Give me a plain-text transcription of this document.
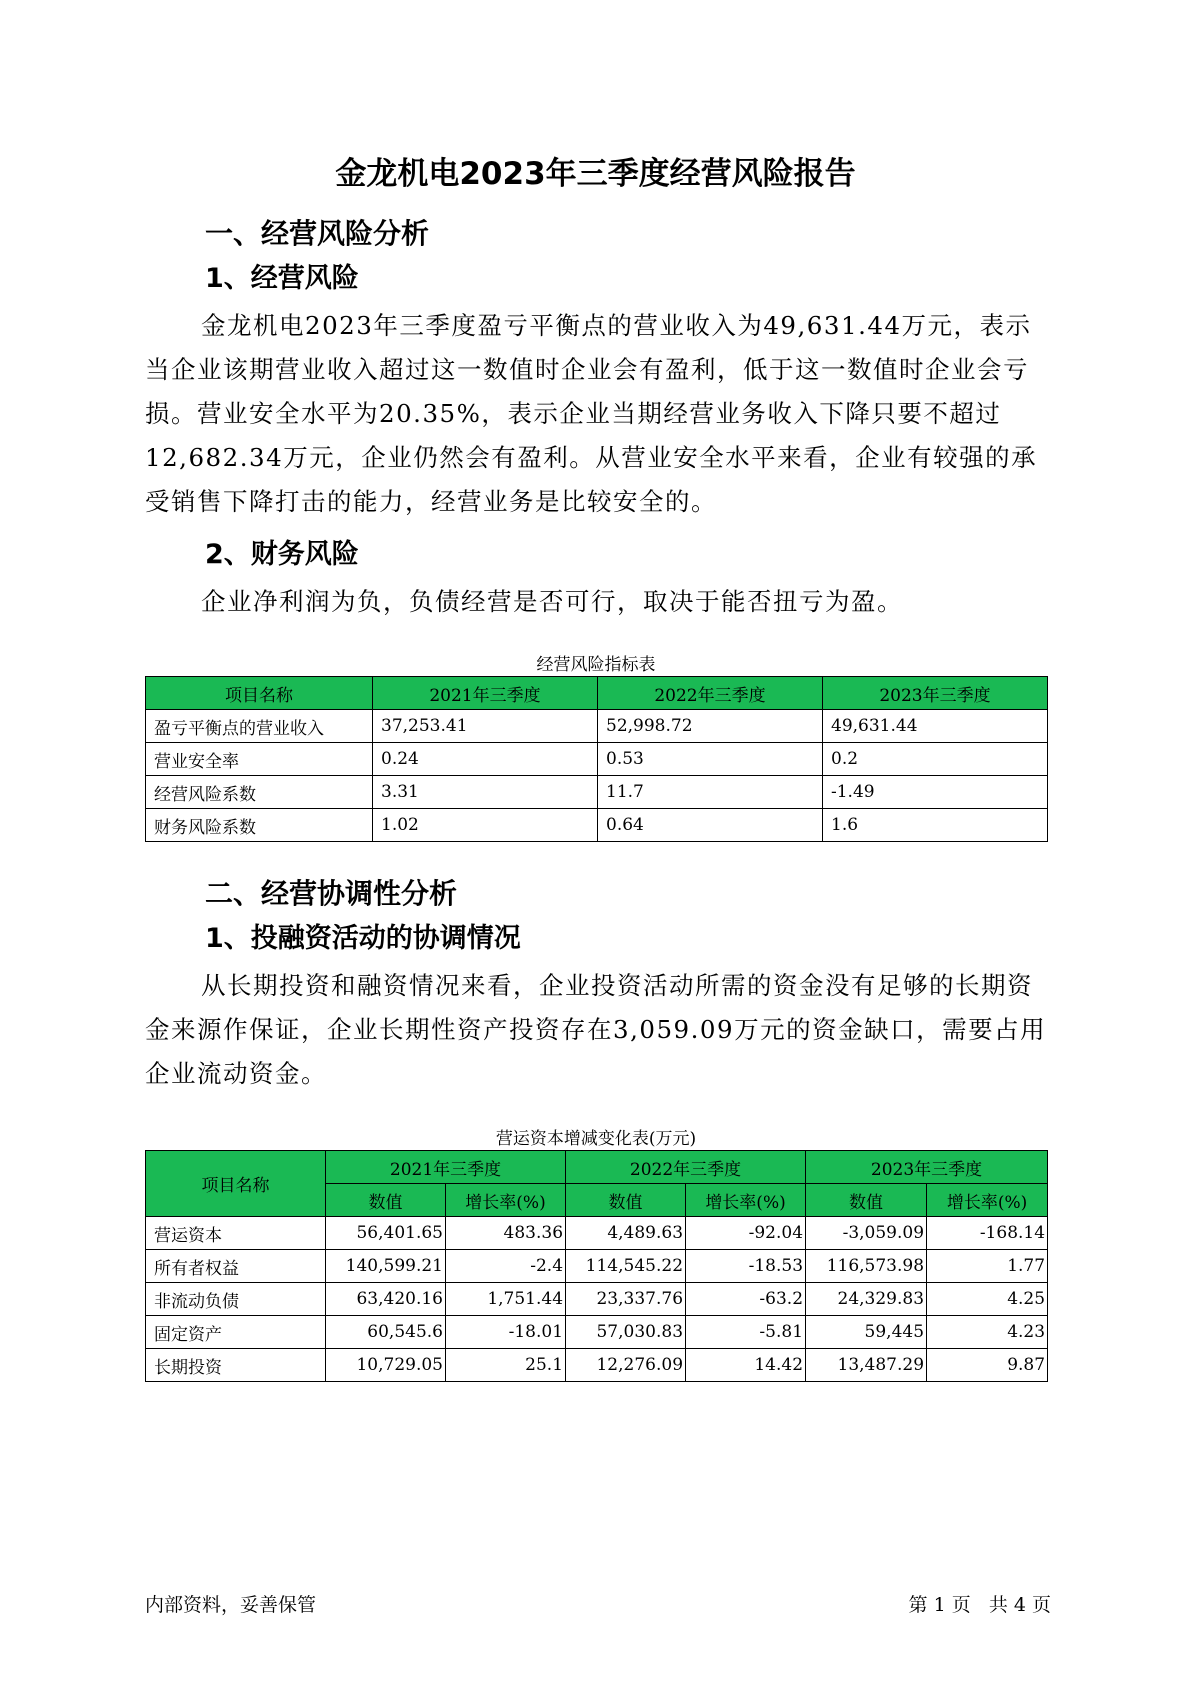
金龙机电2023年三季度经营风险报告
一、经营风险分析
1、经营风险
金龙机电2023年三季度盈亏平衡点的营业收入为49,631.44万元，表示当企业该期营业收入超过这一数值时企业会有盈利，低于这一数值时企业会亏损。营业安全水平为20.35%，表示企业当期经营业务收入下降只要不超过12,682.34万元，企业仍然会有盈利。从营业安全水平来看，企业有较强的承受销售下降打击的能力，经营业务是比较安全的。
2、财务风险
企业净利润为负，负债经营是否可行，取决于能否扭亏为盈。
经营风险指标表
项目名称	2021年三季度	2022年三季度	2023年三季度
盈亏平衡点的营业收入	37,253.41	52,998.72	49,631.44
营业安全率	0.24	0.53	0.2
经营风险系数	3.31	11.7	-1.49
财务风险系数	1.02	0.64	1.6
二、经营协调性分析
1、投融资活动的协调情况
从长期投资和融资情况来看，企业投资活动所需的资金没有足够的长期资金来源作保证，企业长期性资产投资存在3,059.09万元的资金缺口，需要占用企业流动资金。
营运资本增减变化表(万元)
项目名称	2021年三季度		2022年三季度		2023年三季度	
	数值	增长率(%)	数值	增长率(%)	数值	增长率(%)
营运资本	56,401.65	483.36	4,489.63	-92.04	-3,059.09	-168.14
所有者权益	140,599.21	-2.4	114,545.22	-18.53	116,573.98	1.77
非流动负债	63,420.16	1,751.44	23,337.76	-63.2	24,329.83	4.25
固定资产	60,545.6	-18.01	57,030.83	-5.81	59,445	4.23
长期投资	10,729.05	25.1	12,276.09	14.42	13,487.29	9.87
内部资料，妥善保管	第 1 页   共 4 页
